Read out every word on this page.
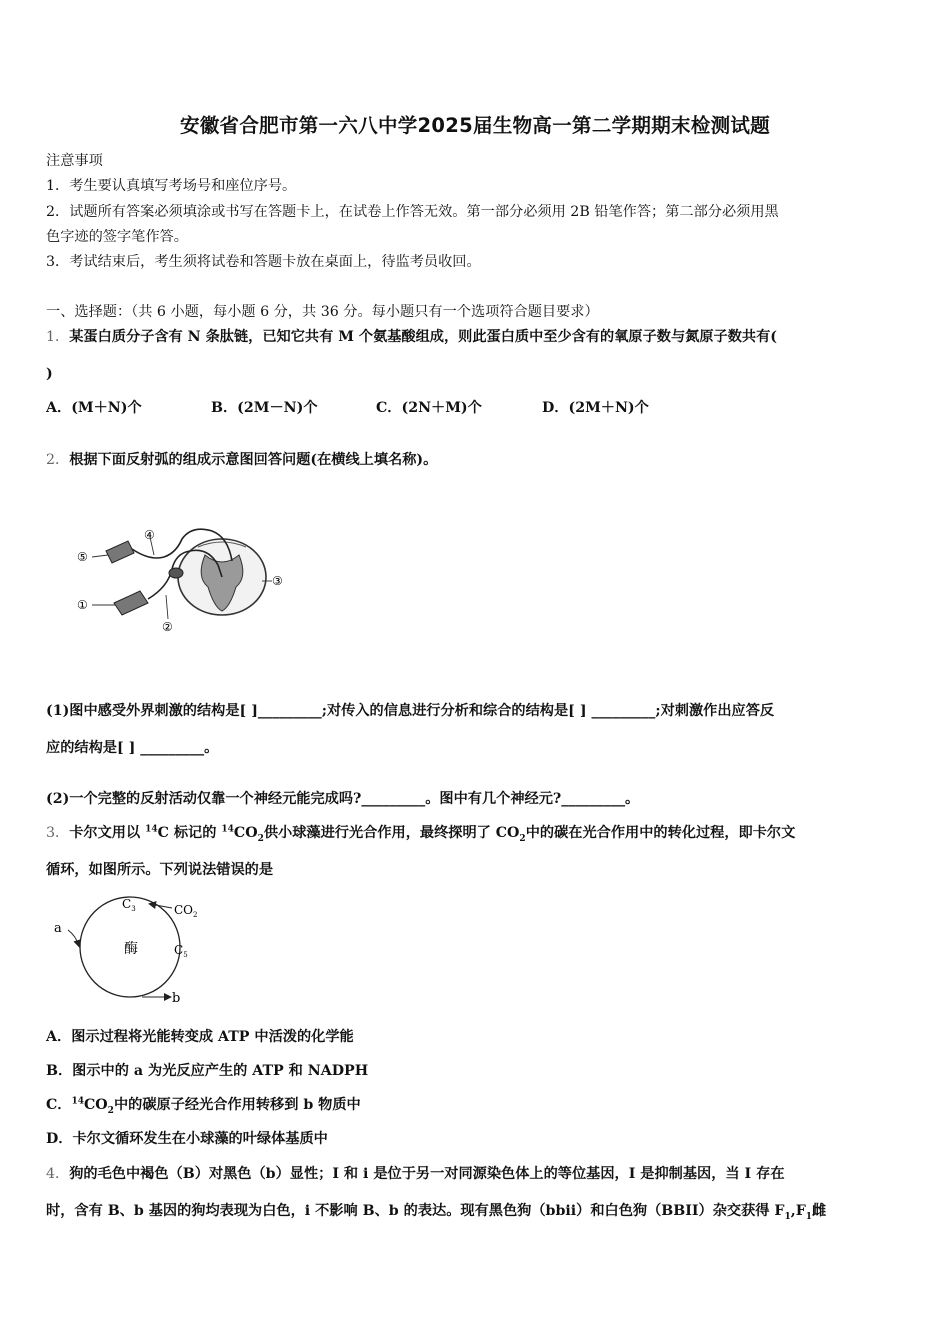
安徽省合肥市第一六八中学2025届生物高一第二学期期末检测试题
注意事项
1．考生要认真填写考场号和座位序号。
2．试题所有答案必须填涂或书写在答题卡上，在试卷上作答无效。第一部分必须用 2B 铅笔作答；第二部分必须用黑
色字迹的签字笔作答。
3．考试结束后，考生须将试卷和答题卡放在桌面上，待监考员收回。
一、选择题：（共 6 小题，每小题 6 分，共 36 分。每小题只有一个选项符合题目要求）
1．某蛋白质分子含有 N 条肽链，已知它共有 M 个氨基酸组成，则此蛋白质中至少含有的氧原子数与氮原子数共有(
)
A．(M＋N)个	B．(2M－N)个	C．(2N＋M)个	D．(2M＋N)个
2．根据下面反射弧的组成示意图回答问题(在横线上填名称)。
①
②
③
④
⑤
(1)图中感受外界刺激的结构是[ ]_________;对传入的信息进行分析和综合的结构是[ ] _________;对刺激作出应答反
应的结构是[ ] _________。
(2)一个完整的反射活动仅靠一个神经元能完成吗?_________。图中有几个神经元?_________。
3．卡尔文用以 $^{14}$C 标记的 $^{14}CO_2$供小球藻进行光合作用，最终探明了 $CO_2$中的碳在光合作用中的转化过程，即卡尔文
循环，如图所示。下列说法错误的是
a
b
$C_3$
$C_5$
$CO_2$
酶
A．图示过程将光能转变成 ATP 中活泼的化学能
B．图示中的 a 为光反应产生的 ATP 和 NADPH
C．$^{14}CO_2$中的碳原子经光合作用转移到 b 物质中
D．卡尔文循环发生在小球藻的叶绿体基质中
4．狗的毛色中褐色（B）对黑色（b）显性；I 和 i 是位于另一对同源染色体上的等位基因，I 是抑制基因，当 I 存在
时，含有 B、b 基因的狗均表现为白色，i 不影响 B、b 的表达。现有黑色狗（bbii）和白色狗（BBII）杂交获得 $F_1,F_1$雌
